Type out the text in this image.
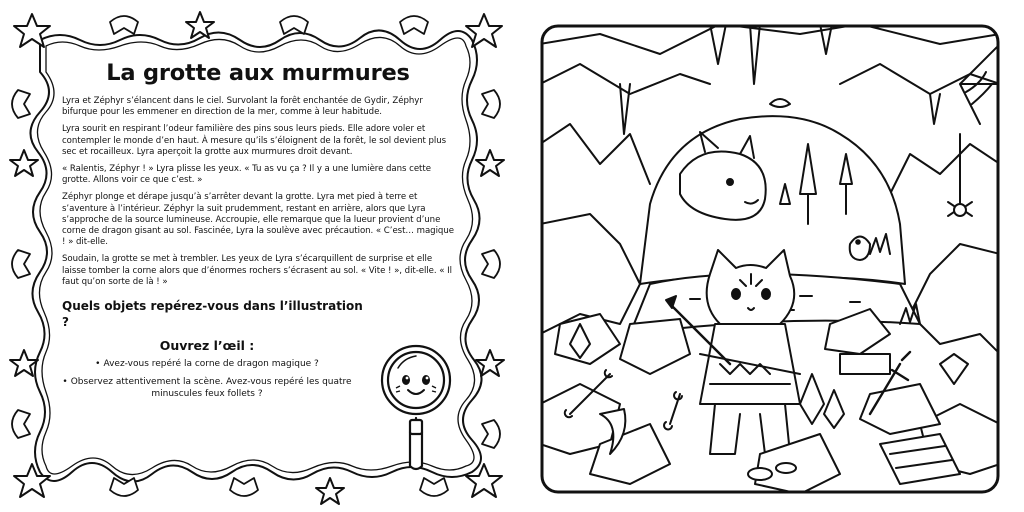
La grotte aux murmures

Lyra et Zéphyr s’élancent dans le ciel. Survolant la forêt enchantée de Gydir, Zéphyr bifurque pour les emmener en direction de la mer, comme à leur habitude.

Lyra sourit en respirant l’odeur familière des pins sous leurs pieds. Elle adore voler et contempler le monde d’en haut. À mesure qu’ils s’éloignent de la forêt, le sol devient plus sec et rocailleux. Lyra aperçoit la grotte aux murmures droit devant.

« Ralentis, Zéphyr ! » Lyra plisse les yeux. « Tu as vu ça ? Il y a une lumière dans cette grotte. Allons voir ce que c’est. »

Zéphyr plonge et dérape jusqu’à s’arrêter devant la grotte. Lyra met pied à terre et s’aventure à l’intérieur. Zéphyr la suit prudemment, restant en arrière, alors que Lyra s’approche de la source lumineuse. Accroupie, elle remarque que la lueur provient d’une corne de dragon gisant au sol. Fascinée, Lyra la soulève avec précaution. « C’est… magique ! » dit-elle.

Soudain, la grotte se met à trembler. Les yeux de Lyra s’écarquillent de surprise et elle laisse tomber la corne alors que d’énormes rochers s’écrasent au sol. « Vite ! », dit-elle. « Il faut qu’on sorte de là ! »

Quels objets repérez-vous dans l’illustration ?
Ouvrez l’œil :
• Avez-vous repéré la corne de dragon magique ?
• Observez attentivement la scène. Avez-vous repéré les quatre minuscules feux follets ?
